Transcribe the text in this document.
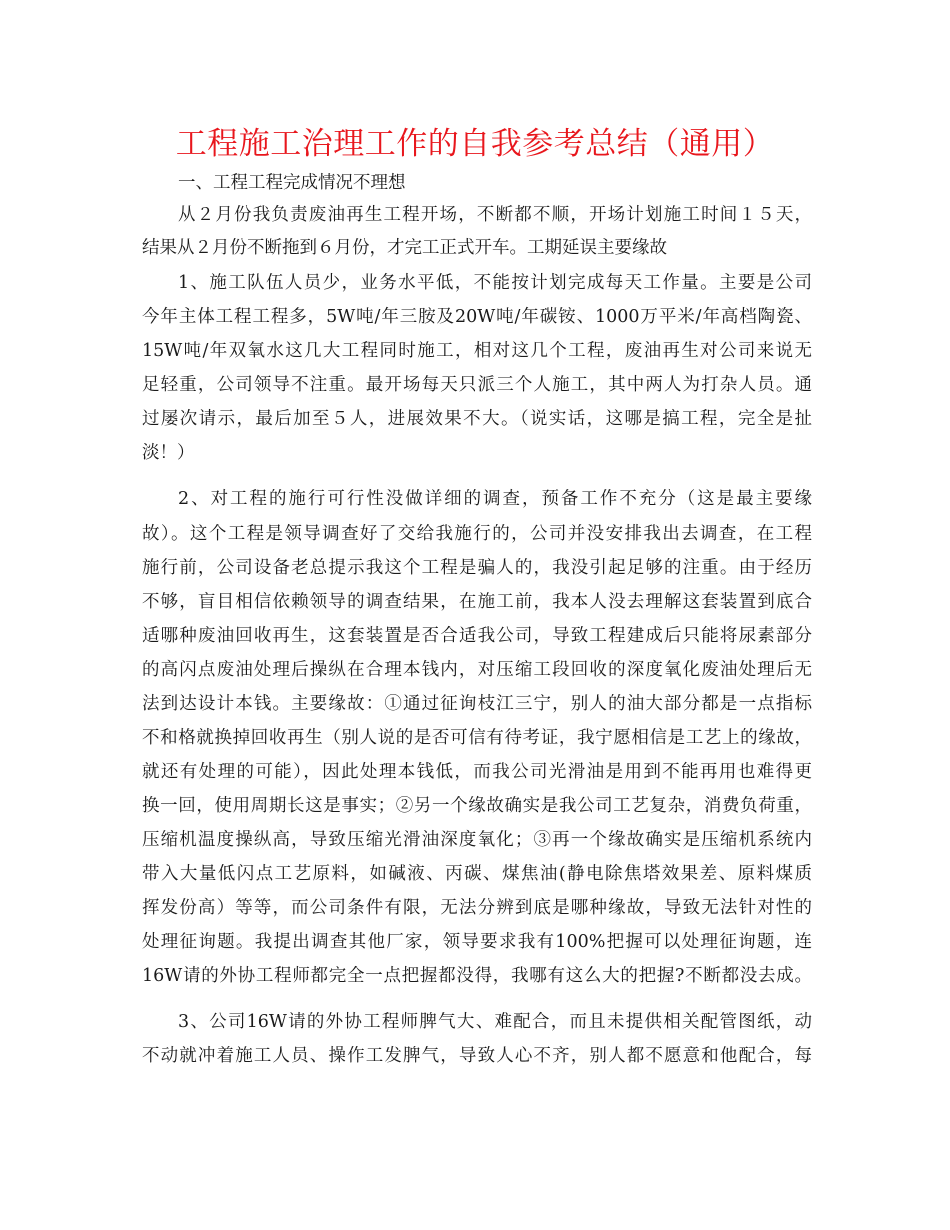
工程施工治理工作的自我参考总结（通用）
一、工程工程完成情况不理想
从２月份我负责废油再生工程开场，不断都不顺，开场计划施工时间１５天，
结果从２月份不断拖到６月份，才完工正式开车。工期延误主要缘故
1、施工队伍人员少，业务水平低，不能按计划完成每天工作量。主要是公司
今年主体工程工程多，5W吨/年三胺及20W吨/年碳铵、1000万平米/年高档陶瓷、
15W吨/年双氧水这几大工程同时施工，相对这几个工程，废油再生对公司来说无
足轻重，公司领导不注重。最开场每天只派三个人施工，其中两人为打杂人员。通
过屡次请示，最后加至５人，进展效果不大。（说实话，这哪是搞工程，完全是扯
淡！）
2、对工程的施行可行性没做详细的调查，预备工作不充分（这是最主要缘
故）。这个工程是领导调查好了交给我施行的，公司并没安排我出去调查，在工程
施行前，公司设备老总提示我这个工程是骗人的，我没引起足够的注重。由于经历
不够，盲目相信依赖领导的调查结果，在施工前，我本人没去理解这套装置到底合
适哪种废油回收再生，这套装置是否合适我公司，导致工程建成后只能将尿素部分
的高闪点废油处理后操纵在合理本钱内，对压缩工段回收的深度氧化废油处理后无
法到达设计本钱。主要缘故：①通过征询枝江三宁，别人的油大部分都是一点指标
不和格就换掉回收再生（别人说的是否可信有待考证，我宁愿相信是工艺上的缘故，
就还有处理的可能），因此处理本钱低，而我公司光滑油是用到不能再用也难得更
换一回，使用周期长这是事实；②另一个缘故确实是我公司工艺复杂，消费负荷重，
压缩机温度操纵高，导致压缩光滑油深度氧化；③再一个缘故确实是压缩机系统内
带入大量低闪点工艺原料，如碱液、丙碳、煤焦油(静电除焦塔效果差、原料煤质
挥发份高）等等，而公司条件有限，无法分辨到底是哪种缘故，导致无法针对性的
处理征询题。我提出调查其他厂家，领导要求我有100%把握可以处理征询题，连
16W请的外协工程师都完全一点把握都没得，我哪有这么大的把握?不断都没去成。
3、公司16W请的外协工程师脾气大、难配合，而且未提供相关配管图纸，动
不动就冲着施工人员、操作工发脾气，导致人心不齐，别人都不愿意和他配合，每
